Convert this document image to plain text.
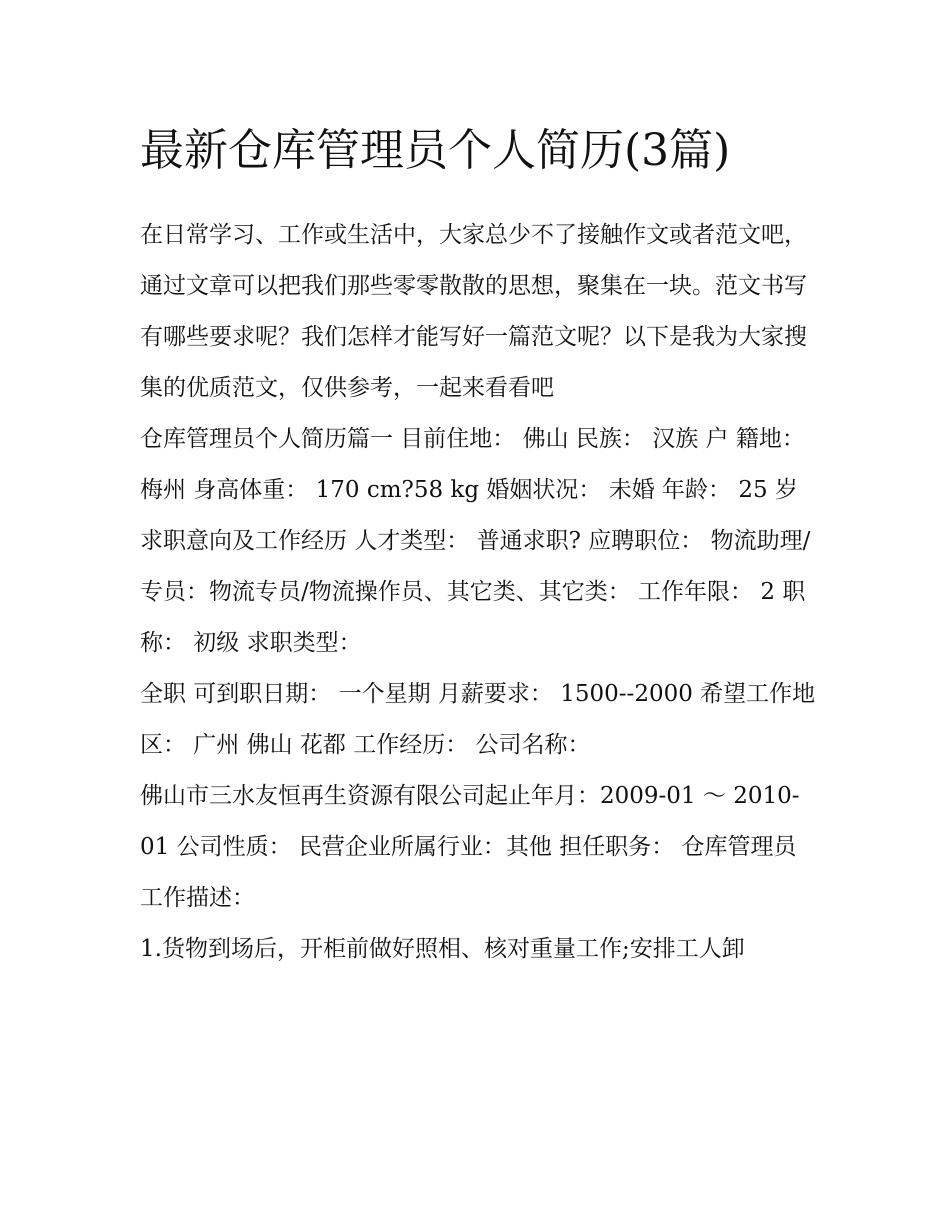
最新仓库管理员个人简历(3篇)

在日常学习、工作或生活中，大家总少不了接触作文或者范文吧，通过文章可以把我们那些零零散散的思想，聚集在一块。范文书写有哪些要求呢？我们怎样才能写好一篇范文呢？以下是我为大家搜集的优质范文，仅供参考，一起来看看吧

仓库管理员个人简历篇一 目前住地： 佛山 民族： 汉族 户 籍地： 梅州 身高体重： 170 cm?58 kg 婚姻状况： 未婚 年龄： 25 岁

求职意向及工作经历 人才类型： 普通求职? 应聘职位： 物流助理/专员：物流专员/物流操作员、其它类、其它类： 工作年限： 2 职称： 初级 求职类型：

全职 可到职日期： 一个星期 月薪要求： 1500--2000 希望工作地区： 广州 佛山 花都 工作经历： 公司名称：

佛山市三水友恒再生资源有限公司起止年月：2009-01 ～ 2010-01 公司性质： 民营企业所属行业：其他 担任职务： 仓库管理员 工作描述：

1.货物到场后，开柜前做好照相、核对重量工作;安排工人卸
